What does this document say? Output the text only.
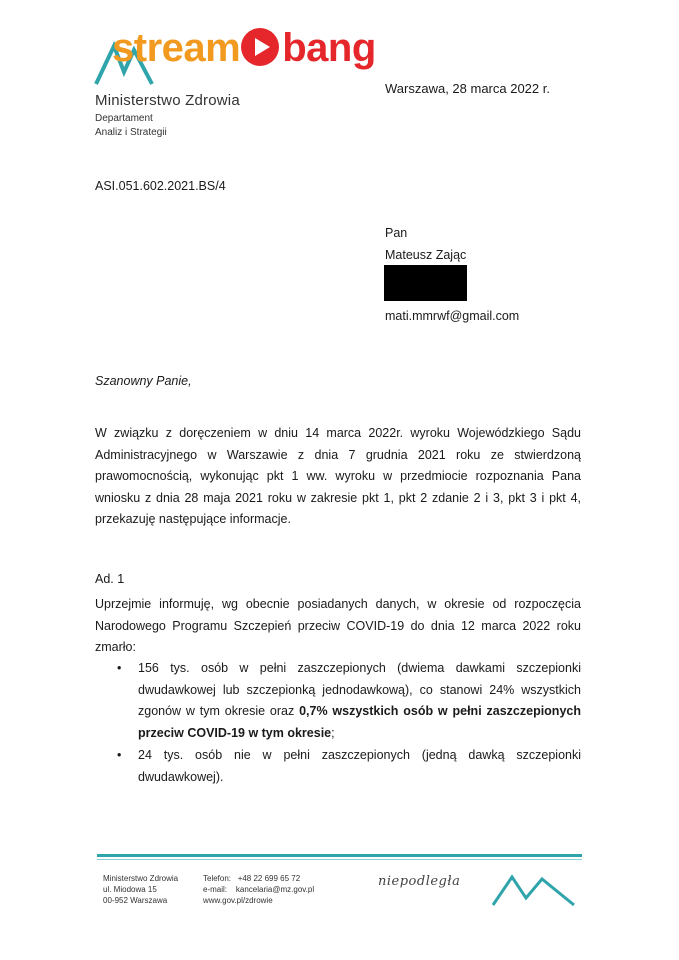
stream bang
Ministerstwo Zdrowia
Departament
Analiz i Strategii
Warszawa, 28 marca 2022 r.
ASI.051.602.2021.BS/4
Pan
Mateusz Zając
mati.mmrwf@gmail.com
Szanowny Panie,
W związku z doręczeniem w dniu 14 marca 2022r. wyroku Wojewódzkiego Sądu Administracyjnego w Warszawie z dnia 7 grudnia 2021 roku ze stwierdzoną prawomocnością, wykonując pkt 1 ww. wyroku w przedmiocie rozpoznania Pana wniosku z dnia 28 maja 2021 roku w zakresie pkt 1, pkt 2 zdanie 2 i 3, pkt 3 i pkt 4, przekazuję następujące informacje.
Ad. 1
Uprzejmie informuję, wg obecnie posiadanych danych, w okresie od rozpoczęcia Narodowego Programu Szczepień przeciw COVID-19 do dnia 12 marca 2022 roku zmarło:
• 156 tys. osób w pełni zaszczepionych (dwiema dawkami szczepionki dwudawkowej lub szczepionką jednodawkową), co stanowi 24% wszystkich zgonów w tym okresie oraz 0,7% wszystkich osób w pełni zaszczepionych przeciw COVID-19 w tym okresie;
• 24 tys. osób nie w pełni zaszczepionych (jedną dawką szczepionki dwudawkowej).
Ministerstwo Zdrowia
ul. Miodowa 15
00-952 Warszawa
Telefon:   +48 22 699 65 72
e-mail:    kancelaria@mz.gov.pl
www.gov.pl/zdrowie
niepodległa
